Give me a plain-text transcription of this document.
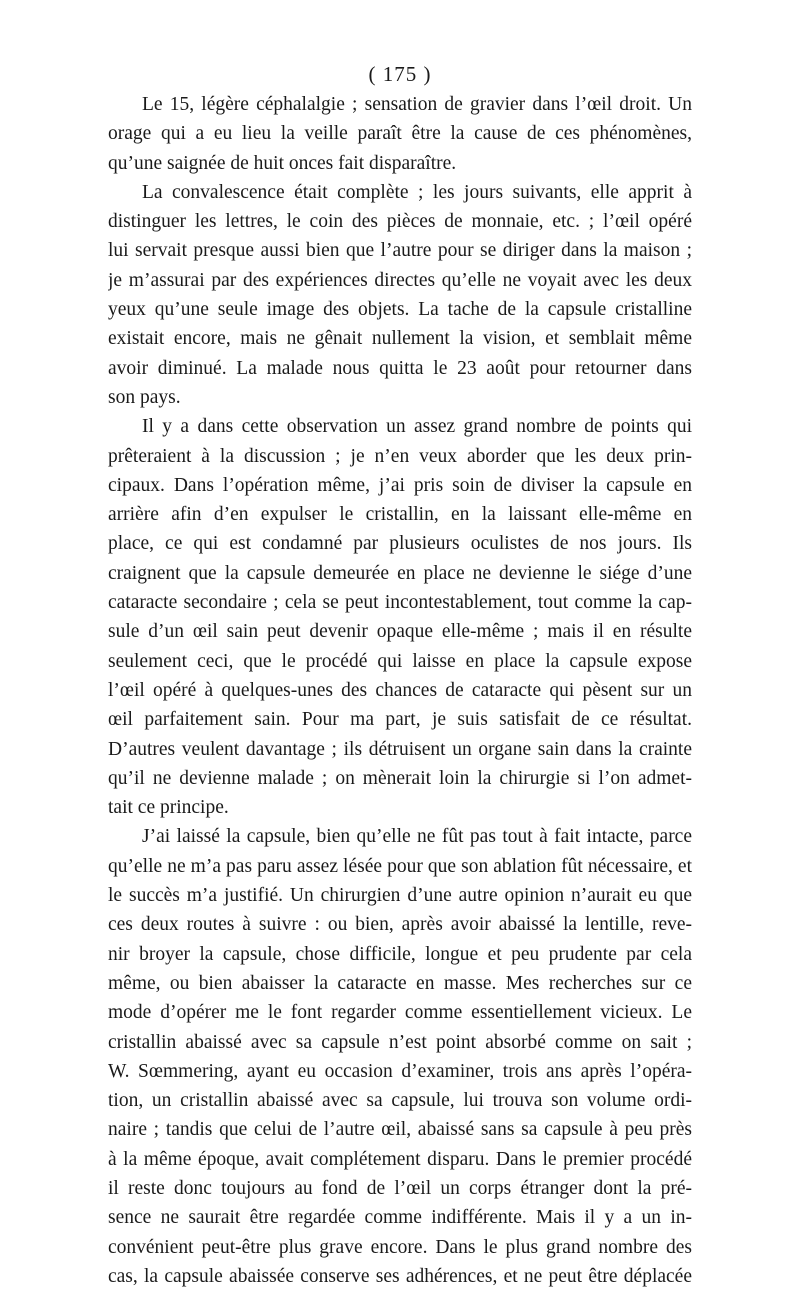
( 175 )
Le 15, légère céphalalgie ; sensation de gravier dans l’œil droit. Un
orage qui a eu lieu la veille paraît être la cause de ces phénomènes,
qu’une saignée de huit onces fait disparaître.
La convalescence était complète ; les jours suivants, elle apprit à
distinguer les lettres, le coin des pièces de monnaie, etc. ; l’œil opéré
lui servait presque aussi bien que l’autre pour se diriger dans la maison ;
je m’assurai par des expériences directes qu’elle ne voyait avec les deux
yeux qu’une seule image des objets. La tache de la capsule cristalline
existait encore, mais ne gênait nullement la vision, et semblait même
avoir diminué. La malade nous quitta le 23 août pour retourner dans
son pays.
Il y a dans cette observation un assez grand nombre de points qui
prêteraient à la discussion ; je n’en veux aborder que les deux prin-
cipaux. Dans l’opération même, j’ai pris soin de diviser la capsule en
arrière afin d’en expulser le cristallin, en la laissant elle-même en
place, ce qui est condamné par plusieurs oculistes de nos jours. Ils
craignent que la capsule demeurée en place ne devienne le siége d’une
cataracte secondaire ; cela se peut incontestablement, tout comme la cap-
sule d’un œil sain peut devenir opaque elle-même ; mais il en résulte
seulement ceci, que le procédé qui laisse en place la capsule expose
l’œil opéré à quelques-unes des chances de cataracte qui pèsent sur un
œil parfaitement sain. Pour ma part, je suis satisfait de ce résultat.
D’autres veulent davantage ; ils détruisent un organe sain dans la crainte
qu’il ne devienne malade ; on mènerait loin la chirurgie si l’on admet-
tait ce principe.
J’ai laissé la capsule, bien qu’elle ne fût pas tout à fait intacte, parce
qu’elle ne m’a pas paru assez lésée pour que son ablation fût nécessaire, et
le succès m’a justifié. Un chirurgien d’une autre opinion n’aurait eu que
ces deux routes à suivre : ou bien, après avoir abaissé la lentille, reve-
nir broyer la capsule, chose difficile, longue et peu prudente par cela
même, ou bien abaisser la cataracte en masse. Mes recherches sur ce
mode d’opérer me le font regarder comme essentiellement vicieux. Le
cristallin abaissé avec sa capsule n’est point absorbé comme on sait ;
W. Sœmmering, ayant eu occasion d’examiner, trois ans après l’opéra-
tion, un cristallin abaissé avec sa capsule, lui trouva son volume ordi-
naire ; tandis que celui de l’autre œil, abaissé sans sa capsule à peu près
à la même époque, avait complétement disparu. Dans le premier procédé
il reste donc toujours au fond de l’œil un corps étranger dont la pré-
sence ne saurait être regardée comme indifférente. Mais il y a un in-
convénient peut-être plus grave encore. Dans le plus grand nombre des
cas, la capsule abaissée conserve ses adhérences, et ne peut être déplacée
